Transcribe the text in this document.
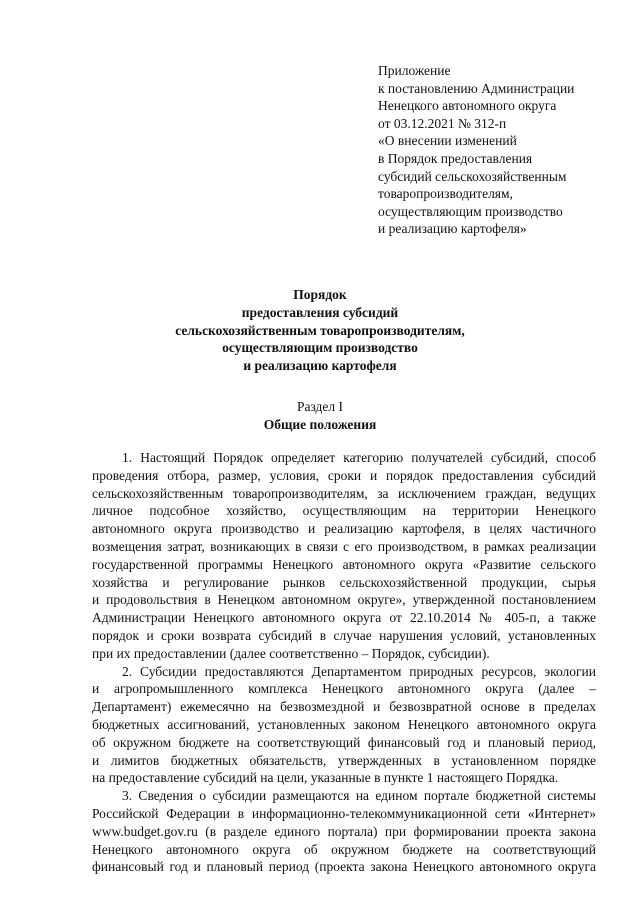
Приложение
к постановлению Администрации
Ненецкого автономного округа
от 03.12.2021 № 312-п
«О внесении изменений
в Порядок предоставления
субсидий сельскохозяйственным
товаропроизводителям,
осуществляющим производство
и реализацию картофеля»
Порядок
предоставления субсидий
сельскохозяйственным товаропроизводителям,
осуществляющим производство
и реализацию картофеля
Раздел I
Общие положения
1. Настоящий Порядок определяет категорию получателей субсидий, способ
проведения отбора, размер, условия, сроки и порядок предоставления субсидий
сельскохозяйственным товаропроизводителям, за исключением граждан, ведущих
личное подсобное хозяйство, осуществляющим на территории Ненецкого
автономного округа производство и реализацию картофеля, в целях частичного
возмещения затрат, возникающих в связи с его производством, в рамках реализации
государственной программы Ненецкого автономного округа «Развитие сельского
хозяйства и регулирование рынков сельскохозяйственной продукции, сырья
и продовольствия в Ненецком автономном округе», утвержденной постановлением
Администрации Ненецкого автономного округа от 22.10.2014 № 405-п, а также
порядок и сроки возврата субсидий в случае нарушения условий, установленных
при их предоставлении (далее соответственно – Порядок, субсидии).
2. Субсидии предоставляются Департаментом природных ресурсов, экологии
и агропромышленного комплекса Ненецкого автономного округа (далее –
Департамент) ежемесячно на безвозмездной и безвозвратной основе в пределах
бюджетных ассигнований, установленных законом Ненецкого автономного округа
об окружном бюджете на соответствующий финансовый год и плановый период,
и лимитов бюджетных обязательств, утвержденных в установленном порядке
на предоставление субсидий на цели, указанные в пункте 1 настоящего Порядка.
3. Сведения о субсидии размещаются на едином портале бюджетной системы
Российской Федерации в информационно-телекоммуникационной сети «Интернет»
www.budget.gov.ru (в разделе единого портала) при формировании проекта закона
Ненецкого автономного округа об окружном бюджете на соответствующий
финансовый год и плановый период (проекта закона Ненецкого автономного округа
